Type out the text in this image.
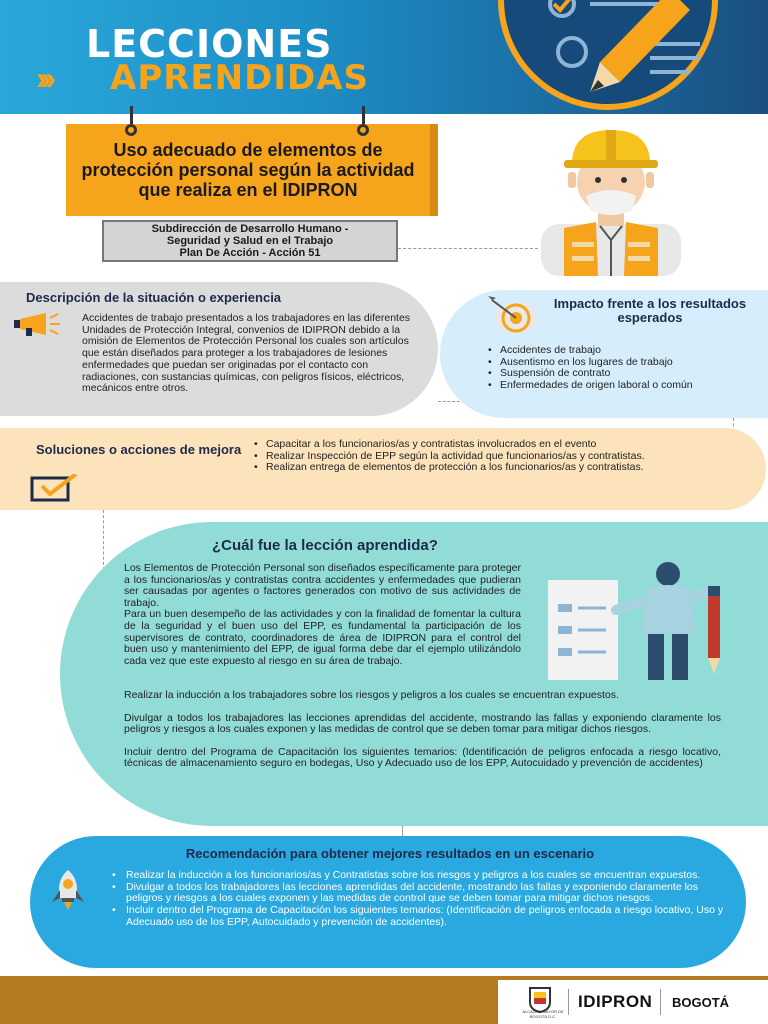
›››
LECCIONES
APRENDIDAS
Uso adecuado de elementos de protección personal según la actividad que realiza en el IDIPRON
Subdirección de Desarrollo Humano -
Seguridad y Salud en el Trabajo
Plan De Acción - Acción 51
Descripción de la situación o experiencia
Accidentes de trabajo presentados a los trabajadores en las diferentes Unidades de Protección Integral, convenios de IDIPRON debido a la omisión de Elementos de Protección Personal los cuales son artículos que están diseñados para proteger a los trabajadores de lesiones enfermedades que puedan ser originadas por el contacto con radiaciones, con sustancias químicas, con peligros físicos, eléctricos, mecánicos entre otros.
Impacto frente a los resultados esperados
• Accidentes de trabajo
• Ausentismo en los lugares de trabajo
• Suspensión de contrato
• Enfermedades de origen laboral o común
Soluciones o acciones de mejora
•	Capacitar a los funcionarios/as y contratistas involucrados en el evento
• Realizar Inspección de EPP según la actividad que funcionarios/as y contratistas.
• Realizan entrega de elementos de protección a los funcionarios/as y contratistas.
¿Cuál fue la lección aprendida?

Los Elementos de Protección Personal son diseñados específicamente para proteger a los funcionarios/as y contratistas contra accidentes y enfermedades que pudieran ser causadas por agentes o factores generados con motivo de sus actividades de trabajo.

Para un buen desempeño de las actividades y con la finalidad de fomentar la cultura de la seguridad y el buen uso del EPP, es fundamental la participación de los supervisores de contrato, coordinadores de área de IDIPRON para el control del buen uso y mantenimiento del EPP, de igual forma debe dar el ejemplo utilizándolo cada vez que este expuesto al riesgo en su área de trabajo.

Realizar la inducción a los trabajadores sobre los riesgos y peligros a los cuales se encuentran expuestos.

Divulgar a todos los trabajadores las lecciones aprendidas del accidente, mostrando las fallas y exponiendo claramente los peligros y riesgos a los cuales exponen y las medidas de control que se deben tomar para mitigar dichos riesgos.

Incluir dentro del Programa de Capacitación los siguientes temarios: (Identificación de peligros enfocada a riesgo locativo, técnicas de almacenamiento seguro en bodegas, Uso y Adecuado uso de los EPP, Autocuidado y prevención de accidentes)

Recomendación para obtener mejores resultados en un escenario
• Realizar la inducción a los funcionarios/as y Contratistas sobre los riesgos y peligros a los cuales se encuentran expuestos.
• Divulgar a todos los trabajadores las lecciones aprendidas del accidente, mostrando las fallas y exponiendo claramente los peligros y riesgos a los cuales exponen y las medidas de control que se deben tomar para mitigar dichos riesgos.
• Incluir dentro del Programa de Capacitación los siguientes temarios: (Identificación de peligros enfocada a riesgo locativo, Uso y Adecuado uso de los EPP, Autocuidado y prevención de accidentes).
ALCALDÍA MAYOR DE BOGOTÁ D.C.
IDIPRON BOGOTÁ
